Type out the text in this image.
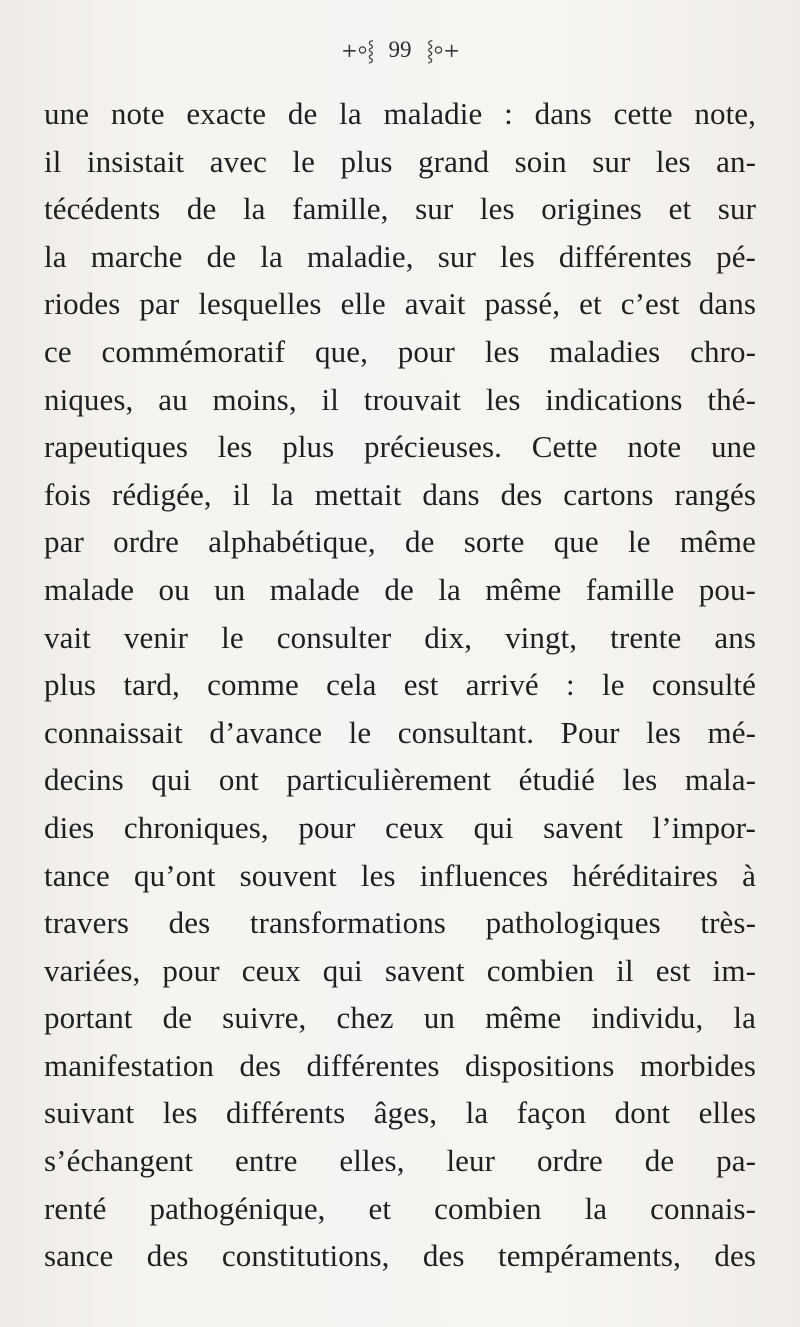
+⸰⸾ 99 ⸾⸰+
une note exacte de la maladie : dans cette note,
il insistait avec le plus grand soin sur les an-
técédents de la famille, sur les origines et sur
la marche de la maladie, sur les différentes pé-
riodes par lesquelles elle avait passé, et c’est dans
ce commémoratif que, pour les maladies chro-
niques, au moins, il trouvait les indications thé-
rapeutiques les plus précieuses. Cette note une
fois rédigée, il la mettait dans des cartons rangés
par ordre alphabétique, de sorte que le même
malade ou un malade de la même famille pou-
vait venir le consulter dix, vingt, trente ans
plus tard, comme cela est arrivé : le consulté
connaissait d’avance le consultant. Pour les mé-
decins qui ont particulièrement étudié les mala-
dies chroniques, pour ceux qui savent l’impor-
tance qu’ont souvent les influences héréditaires à
travers des transformations pathologiques très-
variées, pour ceux qui savent combien il est im-
portant de suivre, chez un même individu, la
manifestation des différentes dispositions morbides
suivant les différents âges, la façon dont elles
s’échangent entre elles, leur ordre de pa-
renté pathogénique, et combien la connais-
sance des constitutions, des tempéraments, des
